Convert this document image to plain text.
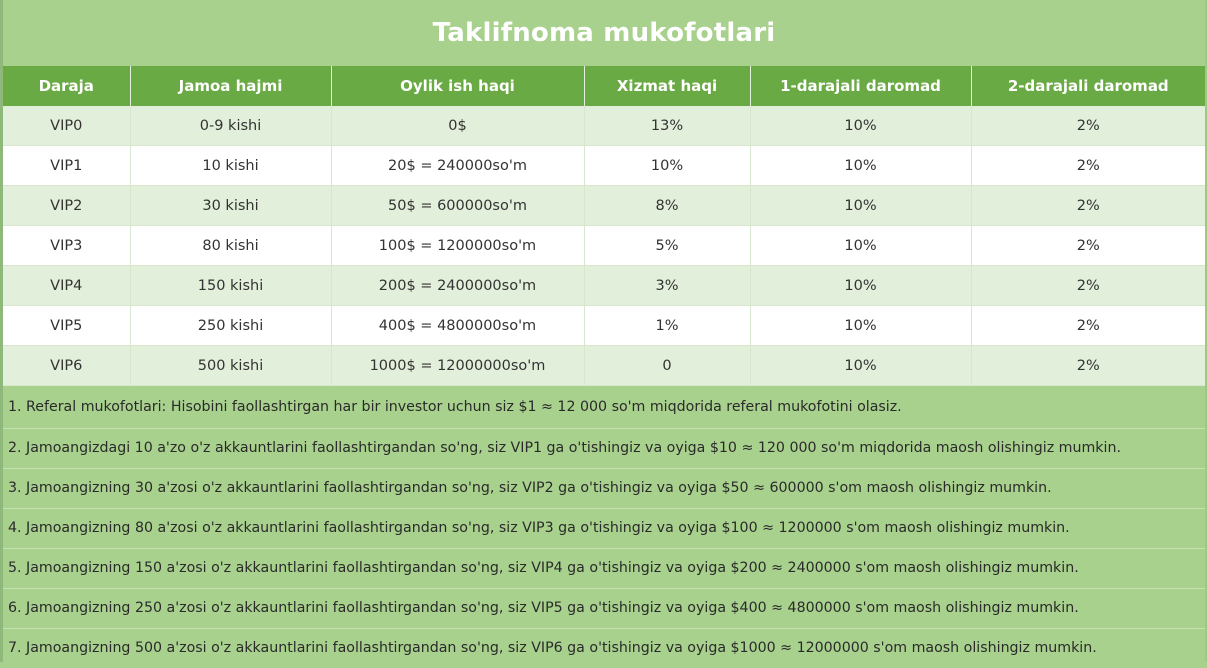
Taklifnoma mukofotlari
Daraja	Jamoa hajmi	Oylik ish haqi	Xizmat haqi	1-darajali daromad	2-darajali daromad
VIP0	0-9 kishi	0$	13%	10%	2%
VIP1	10 kishi	20$ = 240000so'm	10%	10%	2%
VIP2	30 kishi	50$ = 600000so'm	8%	10%	2%
VIP3	80 kishi	100$ = 1200000so'm	5%	10%	2%
VIP4	150 kishi	200$ = 2400000so'm	3%	10%	2%
VIP5	250 kishi	400$ = 4800000so'm	1%	10%	2%
VIP6	500 kishi	1000$ = 12000000so'm	0	10%	2%
1. Referal mukofotlari: Hisobini faollashtirgan har bir investor uchun siz $1 ≈ 12 000 so'm miqdorida referal mukofotini olasiz.
2. Jamoangizdagi 10 a'zo o'z akkauntlarini faollashtirgandan so'ng, siz VIP1 ga o'tishingiz va oyiga $10 ≈ 120 000 so'm miqdorida maosh olishingiz mumkin.
3. Jamoangizning 30 a'zosi o'z akkauntlarini faollashtirgandan so'ng, siz VIP2 ga o'tishingiz va oyiga $50 ≈ 600000 s'om maosh olishingiz mumkin.
4. Jamoangizning 80 a'zosi o'z akkauntlarini faollashtirgandan so'ng, siz VIP3 ga o'tishingiz va oyiga $100 ≈ 1200000 s'om maosh olishingiz mumkin.
5. Jamoangizning 150 a'zosi o'z akkauntlarini faollashtirgandan so'ng, siz VIP4 ga o'tishingiz va oyiga $200 ≈ 2400000 s'om maosh olishingiz mumkin.
6. Jamoangizning 250 a'zosi o'z akkauntlarini faollashtirgandan so'ng, siz VIP5 ga o'tishingiz va oyiga $400 ≈ 4800000 s'om maosh olishingiz mumkin.
7. Jamoangizning 500 a'zosi o'z akkauntlarini faollashtirgandan so'ng, siz VIP6 ga o'tishingiz va oyiga $1000 ≈ 12000000 s'om maosh olishingiz mumkin.
